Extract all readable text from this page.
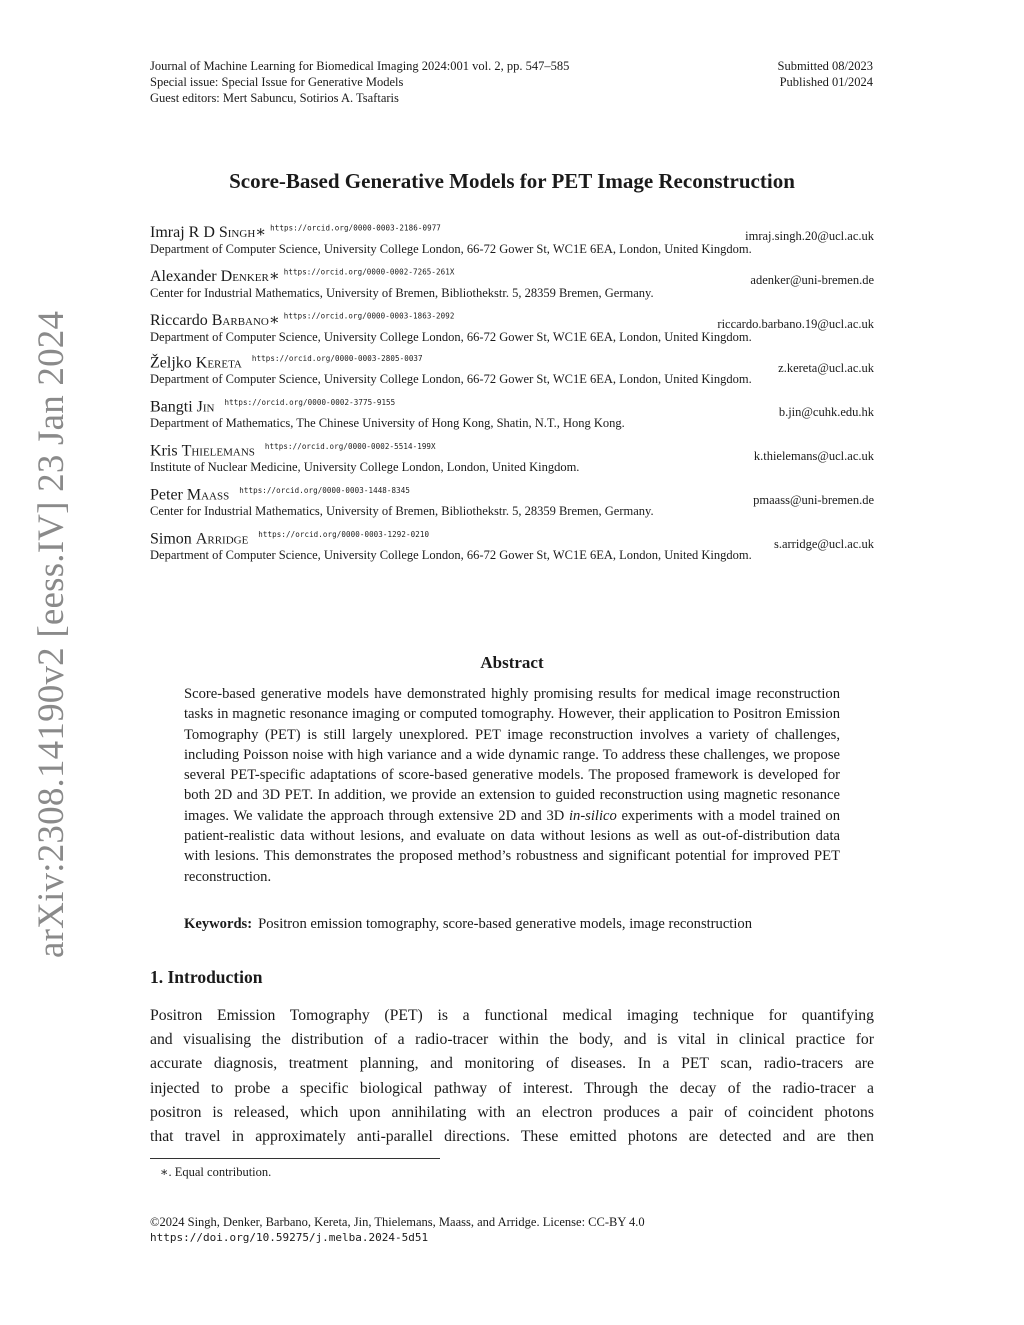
arXiv:2308.14190v2 [eess.IV] 23 Jan 2024
Journal of Machine Learning for Biomedical Imaging 2024:001 vol. 2, pp. 547–585
Special issue: Special Issue for Generative Models
Guest editors: Mert Sabuncu, Sotirios A. Tsaftaris
Submitted 08/2023
Published 01/2024
Score-Based Generative Models for PET Image Reconstruction
Imraj R D Singh∗ $^{https://orcid.org/0000-0003-2186-0977}$
imraj.singh.20@ucl.ac.uk
Department of Computer Science, University College London, 66-72 Gower St, WC1E 6EA, London, United Kingdom.
Alexander Denker∗ $^{https://orcid.org/0000-0002-7265-261X}$
adenker@uni-bremen.de
Center for Industrial Mathematics, University of Bremen, Bibliothekstr. 5, 28359 Bremen, Germany.
Riccardo Barbano∗ $^{https://orcid.org/0000-0003-1863-2092}$
riccardo.barbano.19@ucl.ac.uk
Department of Computer Science, University College London, 66-72 Gower St, WC1E 6EA, London, United Kingdom.
Željko Kereta $^{https://orcid.org/0000-0003-2805-0037}$
z.kereta@ucl.ac.uk
Department of Computer Science, University College London, 66-72 Gower St, WC1E 6EA, London, United Kingdom.
Bangti Jin $^{https://orcid.org/0000-0002-3775-9155}$
b.jin@cuhk.edu.hk
Department of Mathematics, The Chinese University of Hong Kong, Shatin, N.T., Hong Kong.
Kris Thielemans $^{https://orcid.org/0000-0002-5514-199X}$
k.thielemans@ucl.ac.uk
Institute of Nuclear Medicine, University College London, London, United Kingdom.
Peter Maass $^{https://orcid.org/0000-0003-1448-8345}$
pmaass@uni-bremen.de
Center for Industrial Mathematics, University of Bremen, Bibliothekstr. 5, 28359 Bremen, Germany.
Simon Arridge $^{https://orcid.org/0000-0003-1292-0210}$
s.arridge@ucl.ac.uk
Department of Computer Science, University College London, 66-72 Gower St, WC1E 6EA, London, United Kingdom.
Abstract
Score-based generative models have demonstrated highly promising results for medical image reconstruction tasks in magnetic resonance imaging or computed tomography. However, their application to Positron Emission Tomography (PET) is still largely unexplored. PET image reconstruction involves a variety of challenges, including Poisson noise with high variance and a wide dynamic range. To address these challenges, we propose several PET-specific adaptations of score-based generative models. The proposed framework is developed for both 2D and 3D PET. In addition, we provide an extension to guided reconstruction using magnetic resonance images. We validate the approach through extensive 2D and 3D in-silico experiments with a model trained on patient-realistic data without lesions, and evaluate on data without lesions as well as out-of-distribution data with lesions. This demonstrates the proposed method’s robustness and significant potential for improved PET reconstruction.
Keywords: Positron emission tomography, score-based generative models, image reconstruction
1. Introduction
Positron Emission Tomography (PET) is a functional medical imaging technique for quantifying
and visualising the distribution of a radio-tracer within the body, and is vital in clinical practice for
accurate diagnosis, treatment planning, and monitoring of diseases. In a PET scan, radio-tracers are
injected to probe a specific biological pathway of interest. Through the decay of the radio-tracer a
positron is released, which upon annihilating with an electron produces a pair of coincident photons
that travel in approximately anti-parallel directions. These emitted photons are detected and are then
∗. Equal contribution.
©2024 Singh, Denker, Barbano, Kereta, Jin, Thielemans, Maass, and Arridge. License: CC-BY 4.0
https://doi.org/10.59275/j.melba.2024-5d51
